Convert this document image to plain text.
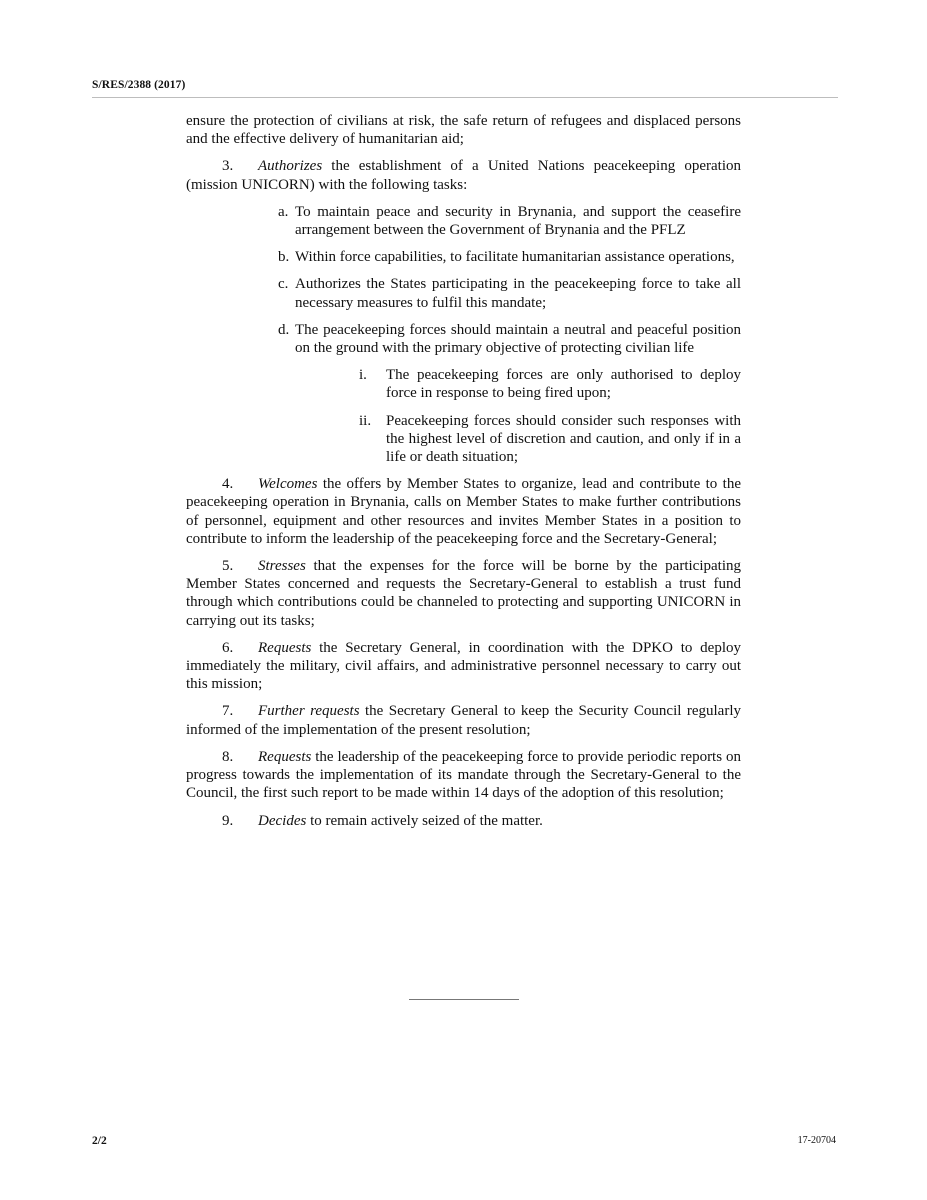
S/RES/2388 (2017)

ensure the protection of civilians at risk, the safe return of refugees and displaced persons and the effective delivery of humanitarian aid;

3. Authorizes the establishment of a United Nations peacekeeping operation (mission UNICORN) with the following tasks:

a. To maintain peace and security in Brynania, and support the ceasefire arrangement between the Government of Brynania and the PFLZ

b. Within force capabilities, to facilitate humanitarian assistance operations,

c. Authorizes the States participating in the peacekeeping force to take all necessary measures to fulfil this mandate;

d. The peacekeeping forces should maintain a neutral and peaceful position on the ground with the primary objective of protecting civilian life

i. The peacekeeping forces are only authorised to deploy force in response to being fired upon;

ii. Peacekeeping forces should consider such responses with the highest level of discretion and caution, and only if in a life or death situation;

4. Welcomes the offers by Member States to organize, lead and contribute to the peacekeeping operation in Brynania, calls on Member States to make further contributions of personnel, equipment and other resources and invites Member States in a position to contribute to inform the leadership of the peacekeeping force and the Secretary-General;

5. Stresses that the expenses for the force will be borne by the participating Member States concerned and requests the Secretary-General to establish a trust fund through which contributions could be channeled to protecting and supporting UNICORN in carrying out its tasks;

6. Requests the Secretary General, in coordination with the DPKO to deploy immediately the military, civil affairs, and administrative personnel necessary to carry out this mission;

7. Further requests the Secretary General to keep the Security Council regularly informed of the implementation of the present resolution;

8. Requests the leadership of the peacekeeping force to provide periodic reports on progress towards the implementation of its mandate through the Secretary-General to the Council, the first such report to be made within 14 days of the adoption of this resolution;

9. Decides to remain actively seized of the matter.

2/2	17-20704
